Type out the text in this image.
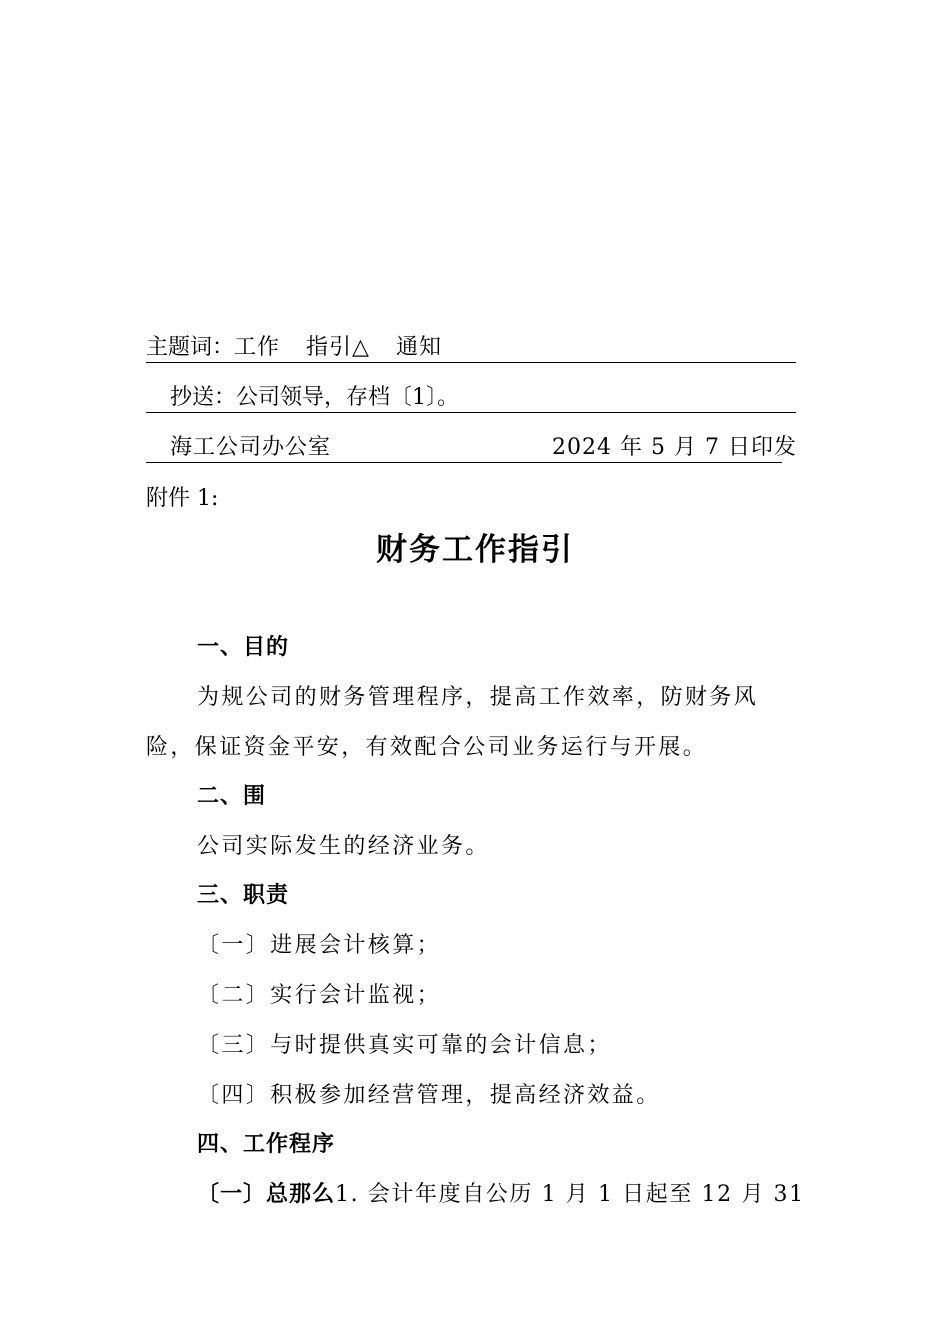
主题词：工作 指引△ 通知
抄送：公司领导，存档〔1〕。
海工公司办公室	2024 年 5 月 7 日印发
附件 1:
财务工作指引
一、目的
为规公司的财务管理程序，提高工作效率，防财务风
险，保证资金平安，有效配合公司业务运行与开展。
二、围
公司实际发生的经济业务。
三、职责
〔一〕进展会计核算；
〔二〕实行会计监视；
〔三〕与时提供真实可靠的会计信息；
〔四〕积极参加经营管理，提高经济效益。
四、工作程序
〔一〕总那么1. 会计年度自公历 1 月 1 日起至 12 月 31
